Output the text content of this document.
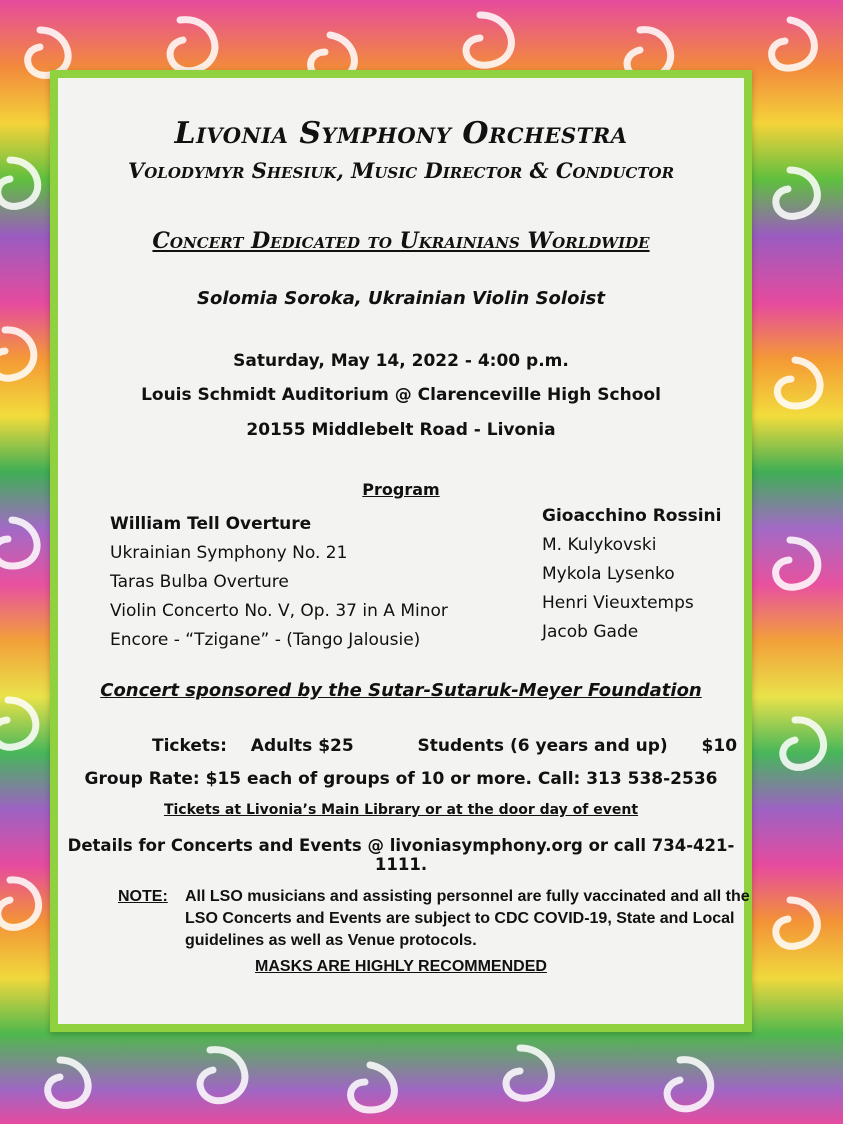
Livonia Symphony Orchestra
Volodymyr Shesiuk, Music Director & Conductor
Concert Dedicated to Ukrainians Worldwide
Solomia Soroka, Ukrainian Violin Soloist
Saturday, May 14, 2022 - 4:00 p.m.
Louis Schmidt Auditorium @ Clarenceville High School
20155 Middlebelt Road - Livonia
Program
William Tell Overture
Ukrainian Symphony No. 21
Taras Bulba Overture
Violin Concerto No. V, Op. 37 in A Minor
Encore - “Tzigane” - (Tango Jalousie)
Gioacchino Rossini
M. Kulykovski
Mykola Lysenko
Henri Vieuxtemps
Jacob Gade
Concert sponsored by the Sutar-Sutaruk-Meyer Foundation
Tickets: Adults $25	Students (6 years and up) $10
Group Rate: $15 each of groups of 10 or more. Call: 313 538-2536
Tickets at Livonia’s Main Library or at the door day of event
Details for Concerts and Events @ livoniasymphony.org or call 734-421-1111.
NOTE: All LSO musicians and assisting personnel are fully vaccinated and all the LSO Concerts and Events are subject to CDC COVID-19, State and Local guidelines as well as Venue protocols.
MASKS ARE HIGHLY RECOMMENDED
